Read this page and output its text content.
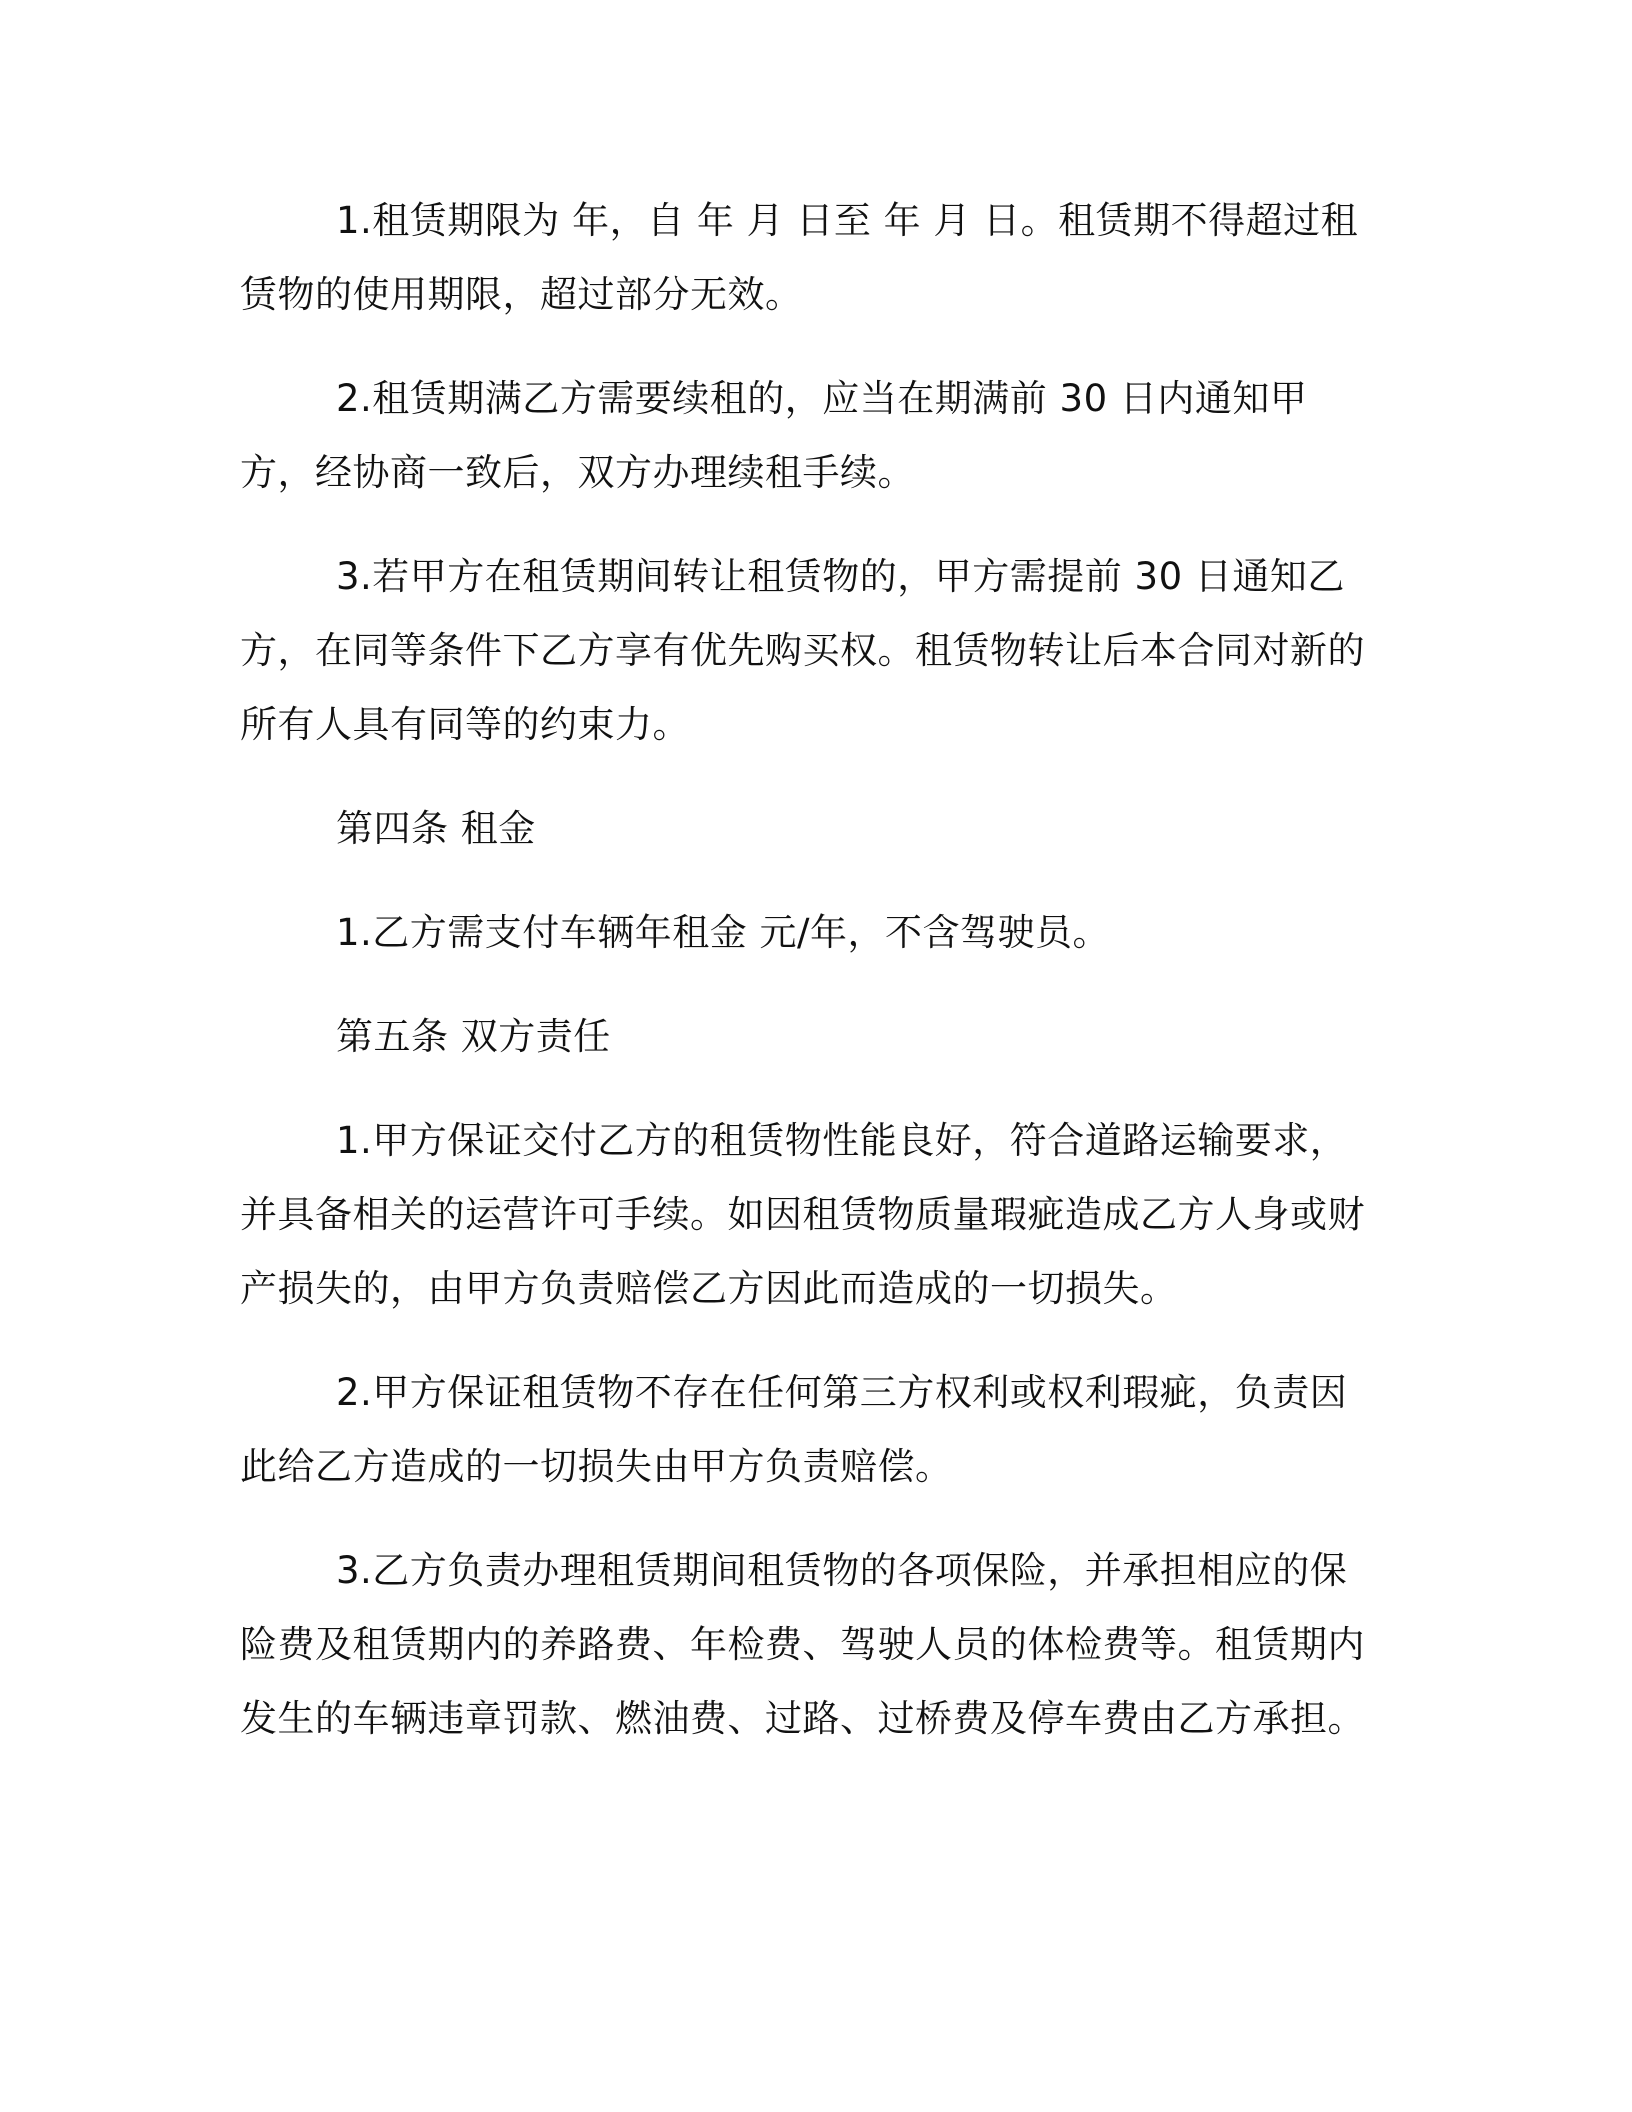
1.租赁期限为 年，自 年 月 日至 年 月 日。租赁期不得超过租赁物的使用期限，超过部分无效。

2.租赁期满乙方需要续租的，应当在期满前 30 日内通知甲方，经协商一致后，双方办理续租手续。

3.若甲方在租赁期间转让租赁物的，甲方需提前 30 日通知乙方，在同等条件下乙方享有优先购买权。租赁物转让后本合同对新的所有人具有同等的约束力。

第四条 租金

1.乙方需支付车辆年租金 元/年，不含驾驶员。

第五条 双方责任

1.甲方保证交付乙方的租赁物性能良好，符合道路运输要求，并具备相关的运营许可手续。如因租赁物质量瑕疵造成乙方人身或财产损失的，由甲方负责赔偿乙方因此而造成的一切损失。

2.甲方保证租赁物不存在任何第三方权利或权利瑕疵，负责因此给乙方造成的一切损失由甲方负责赔偿。

3.乙方负责办理租赁期间租赁物的各项保险，并承担相应的保险费及租赁期内的养路费、年检费、驾驶人员的体检费等。租赁期内发生的车辆违章罚款、燃油费、过路、过桥费及停车费由乙方承担。
